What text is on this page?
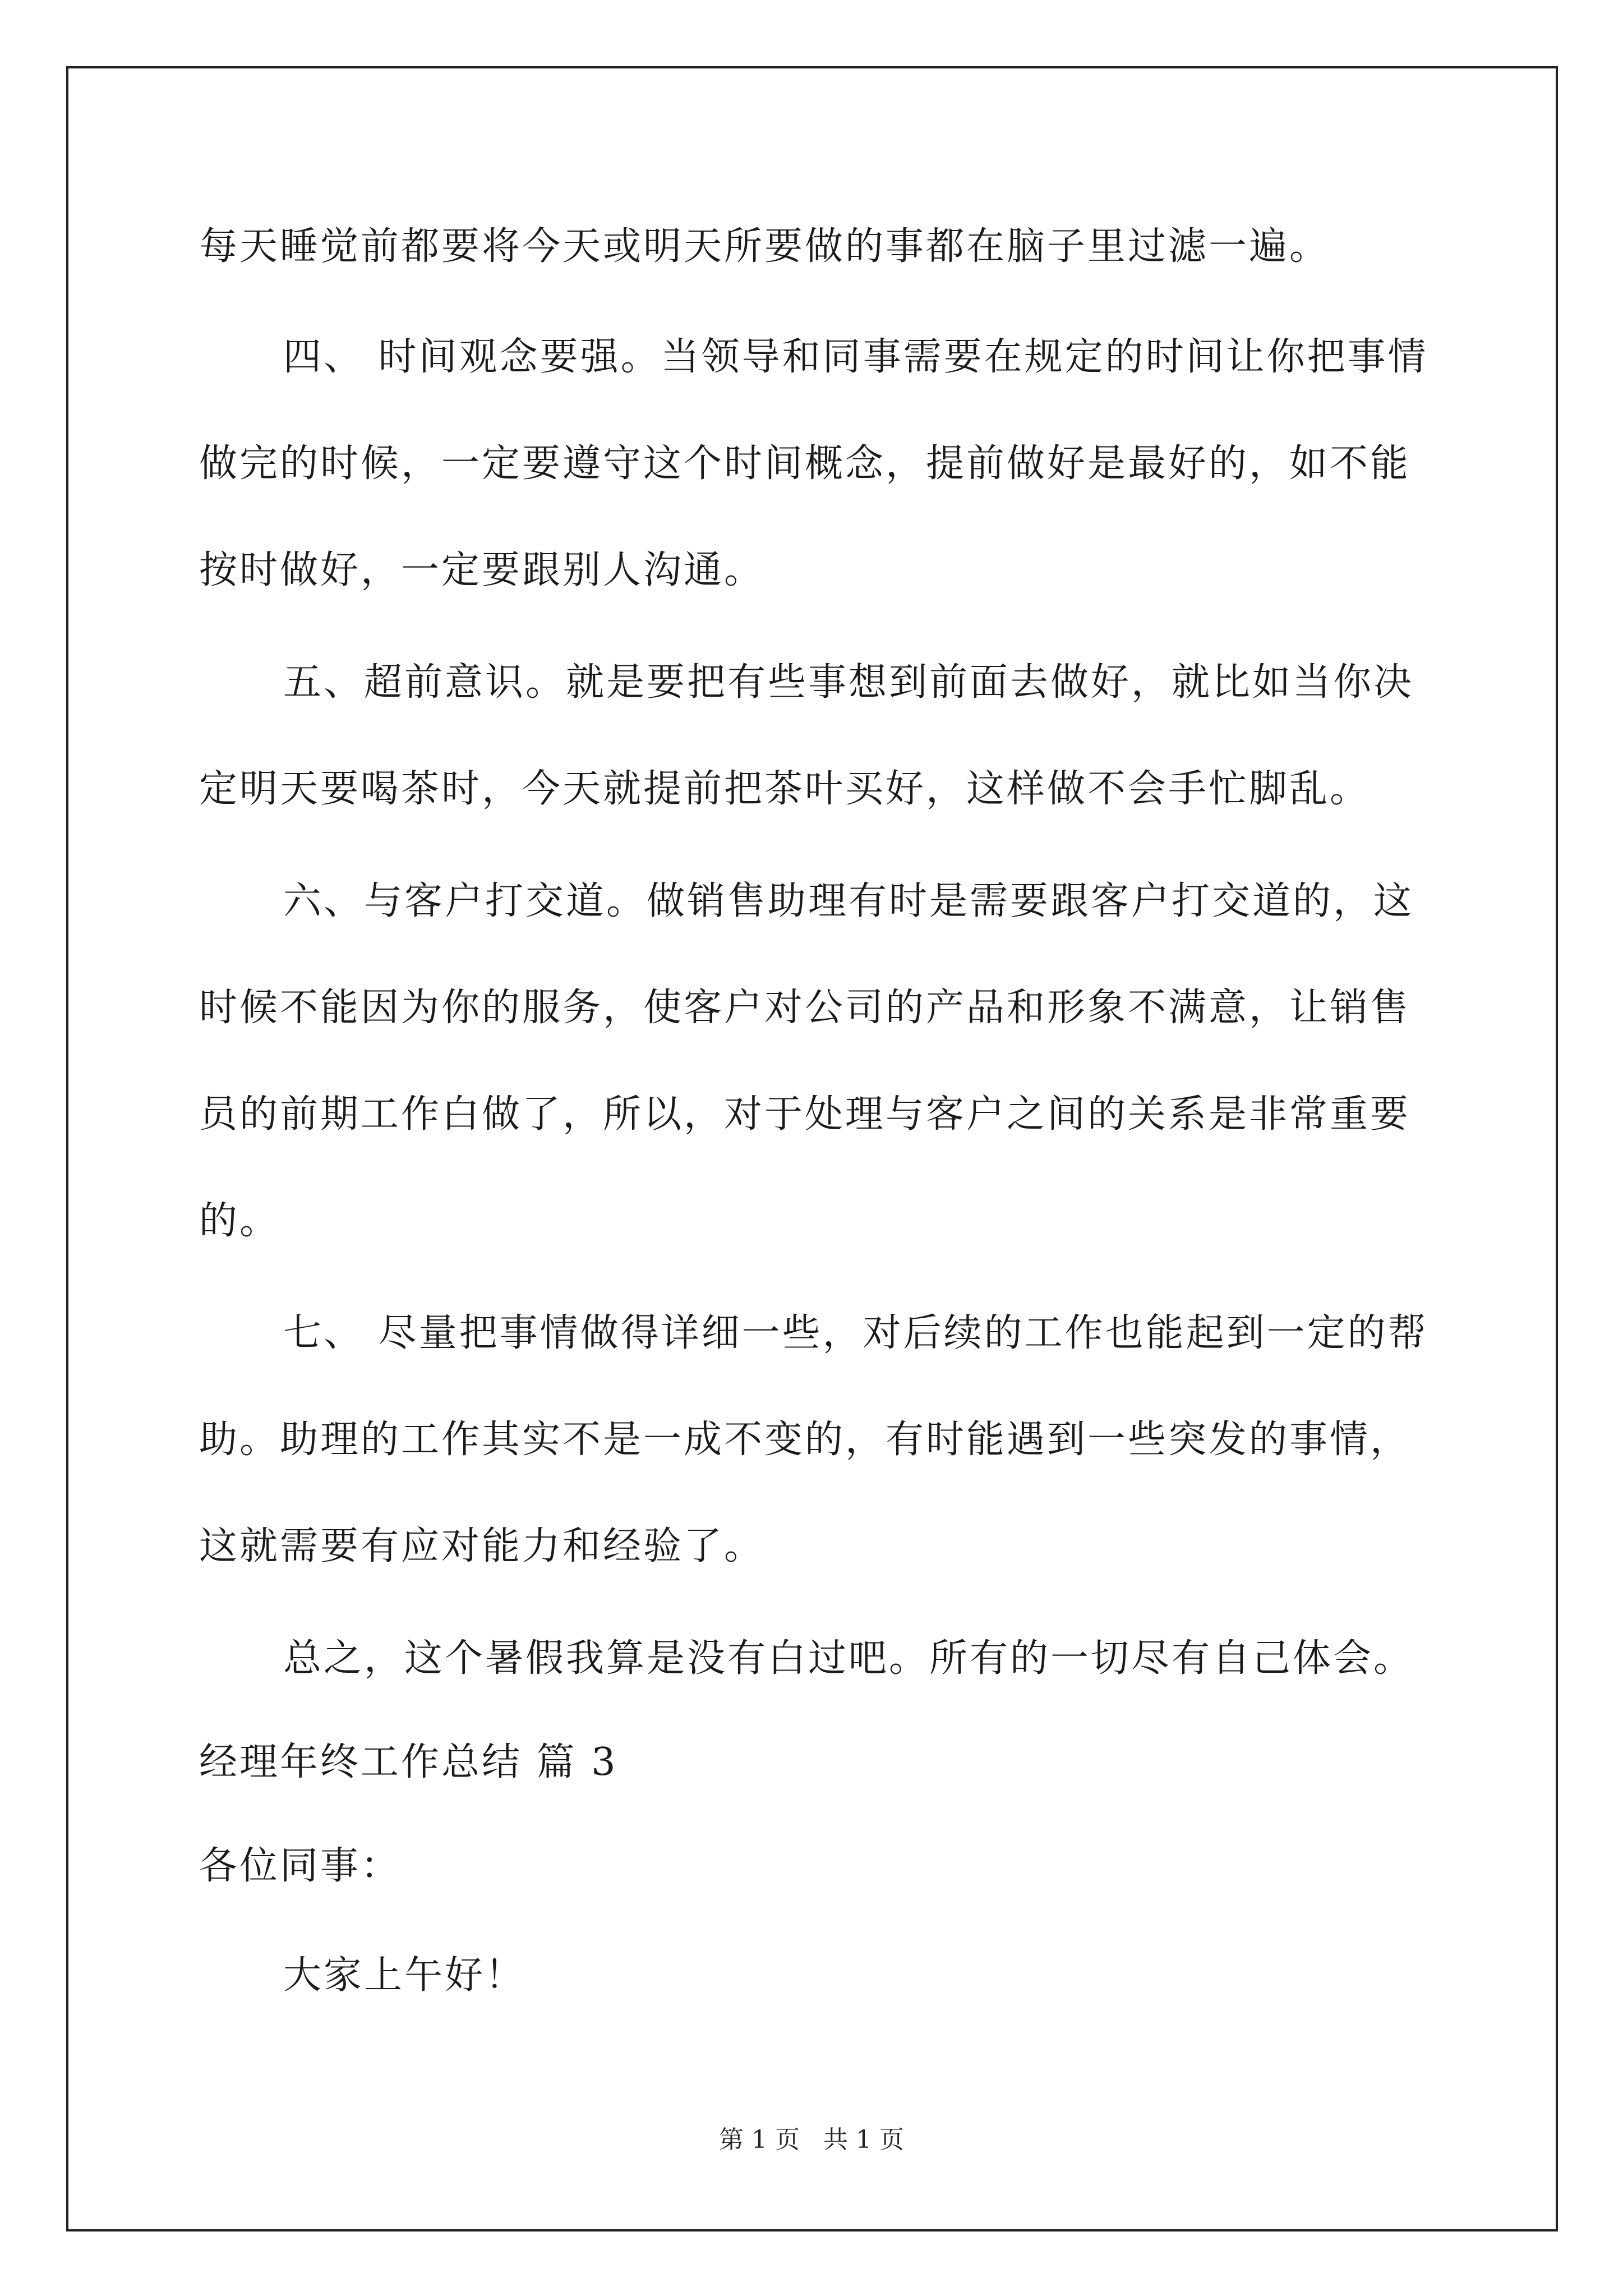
每天睡觉前都要将今天或明天所要做的事都在脑子里过滤一遍。

四、 时间观念要强。当领导和同事需要在规定的时间让你把事情

做完的时候，一定要遵守这个时间概念，提前做好是最好的，如不能

按时做好，一定要跟别人沟通。

五、超前意识。就是要把有些事想到前面去做好，就比如当你决

定明天要喝茶时，今天就提前把茶叶买好，这样做不会手忙脚乱。

六、与客户打交道。做销售助理有时是需要跟客户打交道的，这

时候不能因为你的服务，使客户对公司的产品和形象不满意，让销售

员的前期工作白做了，所以，对于处理与客户之间的关系是非常重要

的。

七、 尽量把事情做得详细一些，对后续的工作也能起到一定的帮

助。助理的工作其实不是一成不变的，有时能遇到一些突发的事情，

这就需要有应对能力和经验了。

总之，这个暑假我算是没有白过吧。所有的一切尽有自己体会。

经理年终工作总结 篇 3

各位同事：

大家上午好！

第 1 页   共 1 页
